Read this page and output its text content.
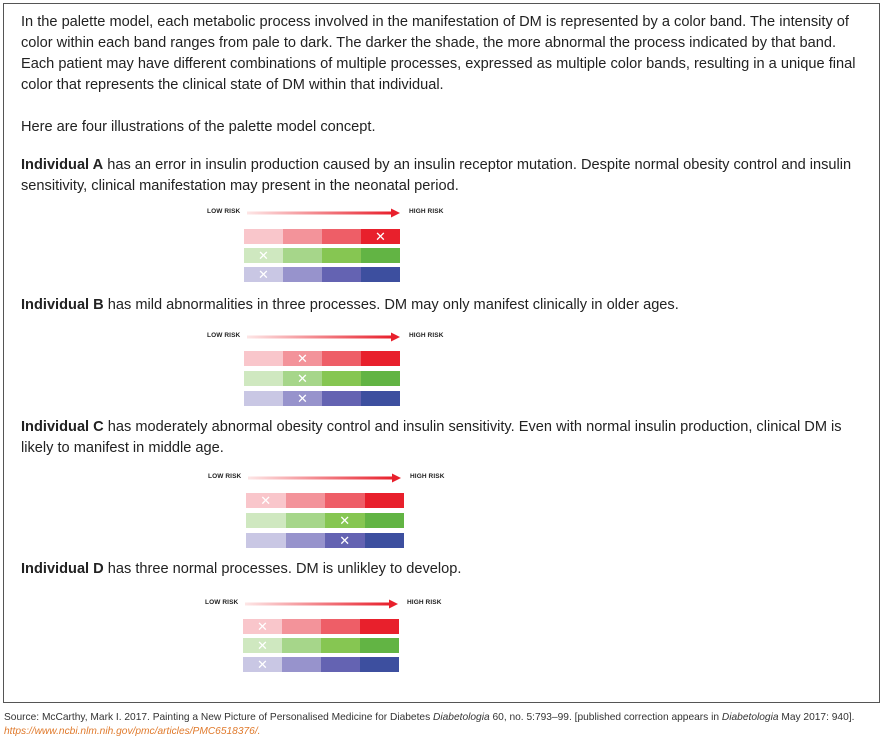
In the palette model, each metabolic process involved in the manifestation of DM is represented by a color band. The intensity of color within each band ranges from pale to dark. The darker the shade, the more abnormal the process indicated by that band. Each patient may have different combinations of multiple processes, expressed as multiple color bands, resulting in a unique final color that represents the clinical state of DM within that individual.

Here are four illustrations of the palette model concept.

Individual A has an error in insulin production caused by an insulin receptor mutation. Despite normal obesity control and insulin sensitivity, clinical manifestation may present in the neonatal period.

LOW RISK	HIGH RISK
✕
✕
✕

Individual B has mild abnormalities in three processes. DM may only manifest clinically in older ages.

LOW RISK	HIGH RISK
✕
✕
✕

Individual C has moderately abnormal obesity control and insulin sensitivity. Even with normal insulin production, clinical DM is likely to manifest in middle age.

LOW RISK	HIGH RISK
✕
✕
✕

Individual D has three normal processes. DM is unlikley to develop.

LOW RISK	HIGH RISK
✕
✕
✕
Source: McCarthy, Mark I. 2017. Painting a New Picture of Personalised Medicine for Diabetes Diabetologia 60, no. 5:793–99. [published correction appears in Diabetologia May 2017: 940]. https://www.ncbi.nlm.nih.gov/pmc/articles/PMC6518376/.
